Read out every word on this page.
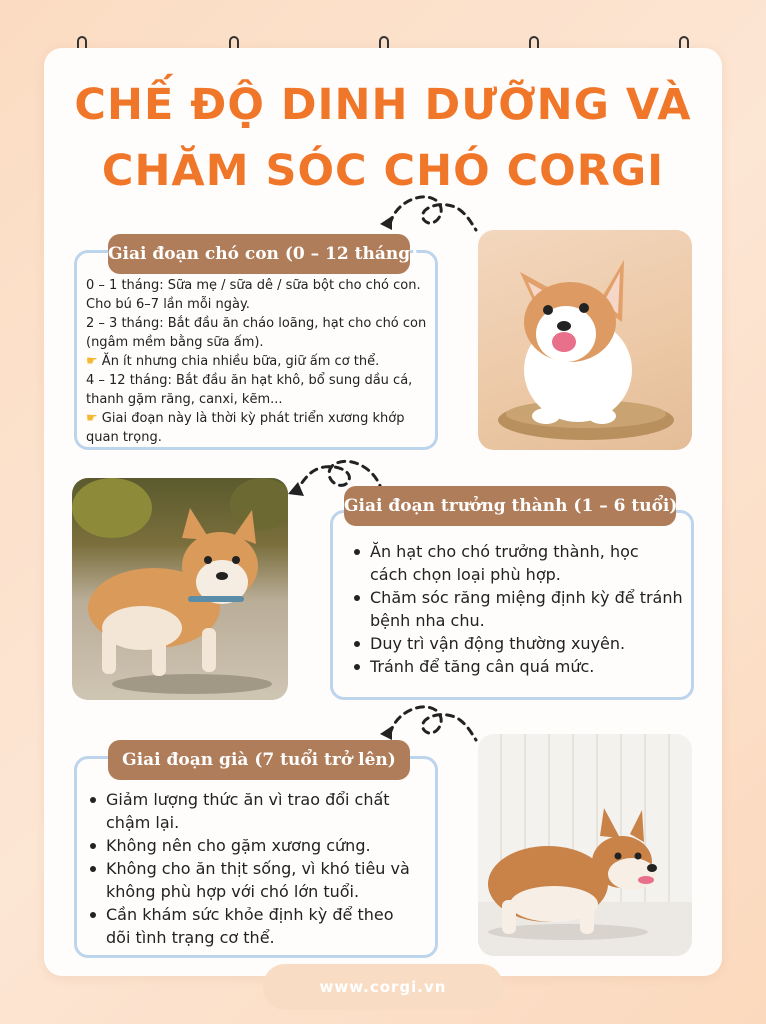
CHẾ ĐỘ DINH DƯỠNG VÀ
CHĂM SÓC CHÓ CORGI
Giai đoạn chó con (0 – 12 tháng)

0 – 1 tháng: Sữa mẹ / sữa dê / sữa bột cho chó con.

Cho bú 6–7 lần mỗi ngày.

2 – 3 tháng: Bắt đầu ăn cháo loãng, hạt cho chó con

(ngâm mềm bằng sữa ấm).

☛ Ăn ít nhưng chia nhiều bữa, giữ ấm cơ thể.

4 – 12 tháng: Bắt đầu ăn hạt khô, bổ sung dầu cá,

thanh gặm răng, canxi, kẽm...

☛ Giai đoạn này là thời kỳ phát triển xương khớp

quan trọng.

Giai đoạn trưởng thành (1 – 6 tuổi)
Ăn hạt cho chó trưởng thành, học
cách chọn loại phù hợp.
Chăm sóc răng miệng định kỳ để tránh
bệnh nha chu.
Duy trì vận động thường xuyên.
Tránh để tăng cân quá mức.
Giai đoạn già (7 tuổi trở lên)
Giảm lượng thức ăn vì trao đổi chất
chậm lại.
Không nên cho gặm xương cứng.
Không cho ăn thịt sống, vì khó tiêu và
không phù hợp với chó lớn tuổi.
Cần khám sức khỏe định kỳ để theo
dõi tình trạng cơ thể.
www.corgi.vn
